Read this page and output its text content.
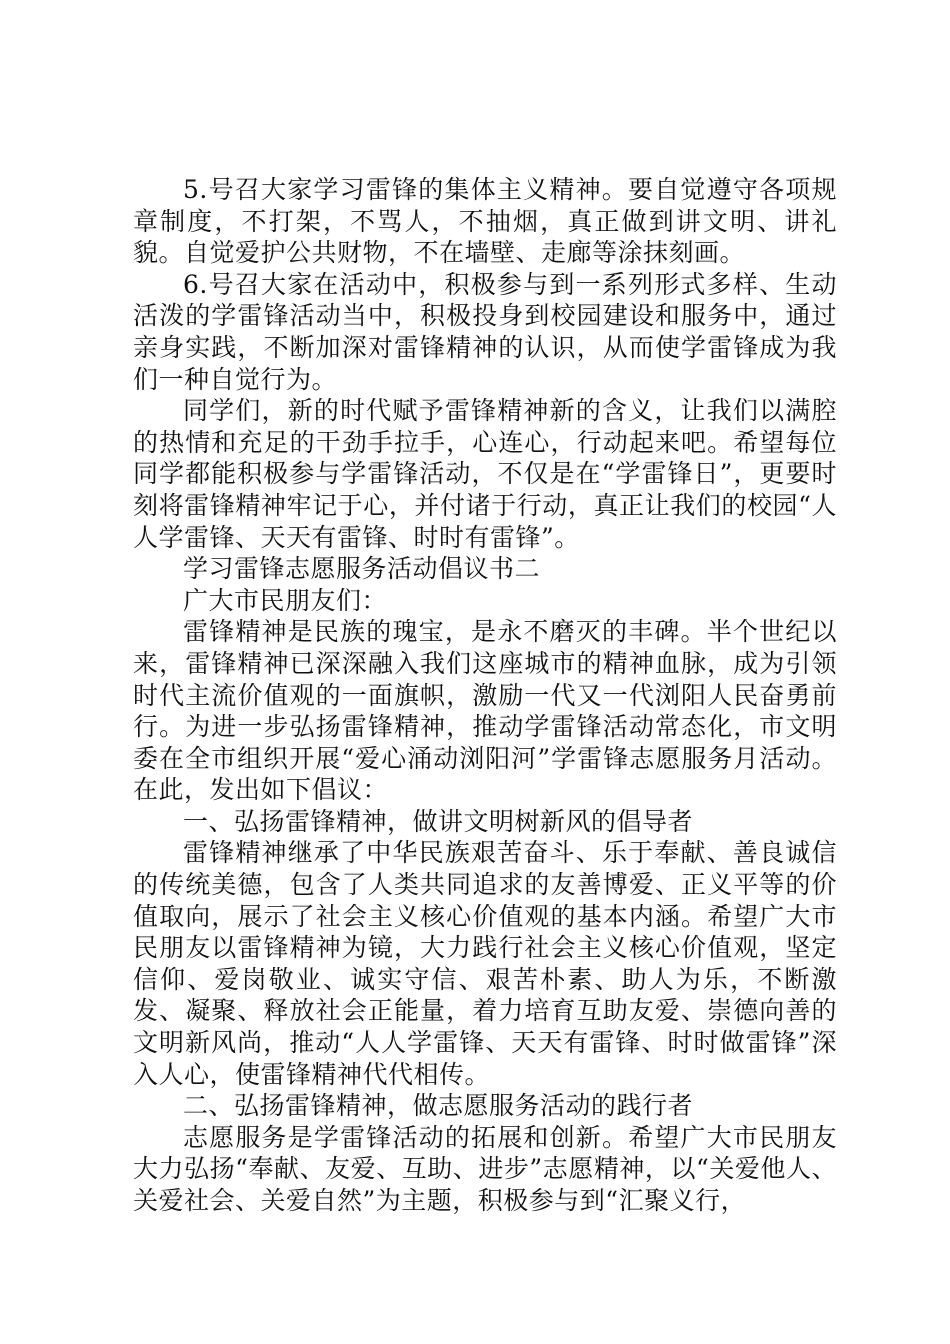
5.号召大家学习雷锋的集体主义精神。要自觉遵守各项规章制度，不打架，不骂人，不抽烟，真正做到讲文明、讲礼貌。自觉爱护公共财物，不在墙壁、走廊等涂抹刻画。

6.号召大家在活动中，积极参与到一系列形式多样、生动活泼的学雷锋活动当中，积极投身到校园建设和服务中，通过亲身实践，不断加深对雷锋精神的认识，从而使学雷锋成为我们一种自觉行为。

同学们，新的时代赋予雷锋精神新的含义，让我们以满腔的热情和充足的干劲手拉手，心连心，行动起来吧。希望每位同学都能积极参与学雷锋活动，不仅是在“学雷锋日”，更要时刻将雷锋精神牢记于心，并付诸于行动，真正让我们的校园“人人学雷锋、天天有雷锋、时时有雷锋”。

学习雷锋志愿服务活动倡议书二

广大市民朋友们：

雷锋精神是民族的瑰宝，是永不磨灭的丰碑。半个世纪以来，雷锋精神已深深融入我们这座城市的精神血脉，成为引领时代主流价值观的一面旗帜，激励一代又一代浏阳人民奋勇前行。为进一步弘扬雷锋精神，推动学雷锋活动常态化，市文明委在全市组织开展“爱心涌动浏阳河”学雷锋志愿服务月活动。在此，发出如下倡议：

一、弘扬雷锋精神，做讲文明树新风的倡导者

雷锋精神继承了中华民族艰苦奋斗、乐于奉献、善良诚信的传统美德，包含了人类共同追求的友善博爱、正义平等的价值取向，展示了社会主义核心价值观的基本内涵。希望广大市民朋友以雷锋精神为镜，大力践行社会主义核心价值观，坚定信仰、爱岗敬业、诚实守信、艰苦朴素、助人为乐，不断激发、凝聚、释放社会正能量，着力培育互助友爱、崇德向善的文明新风尚，推动“人人学雷锋、天天有雷锋、时时做雷锋”深入人心，使雷锋精神代代相传。

二、弘扬雷锋精神，做志愿服务活动的践行者

志愿服务是学雷锋活动的拓展和创新。希望广大市民朋友大力弘扬“奉献、友爱、互助、进步”志愿精神，以“关爱他人、关爱社会、关爱自然”为主题，积极参与到“汇聚义行，
